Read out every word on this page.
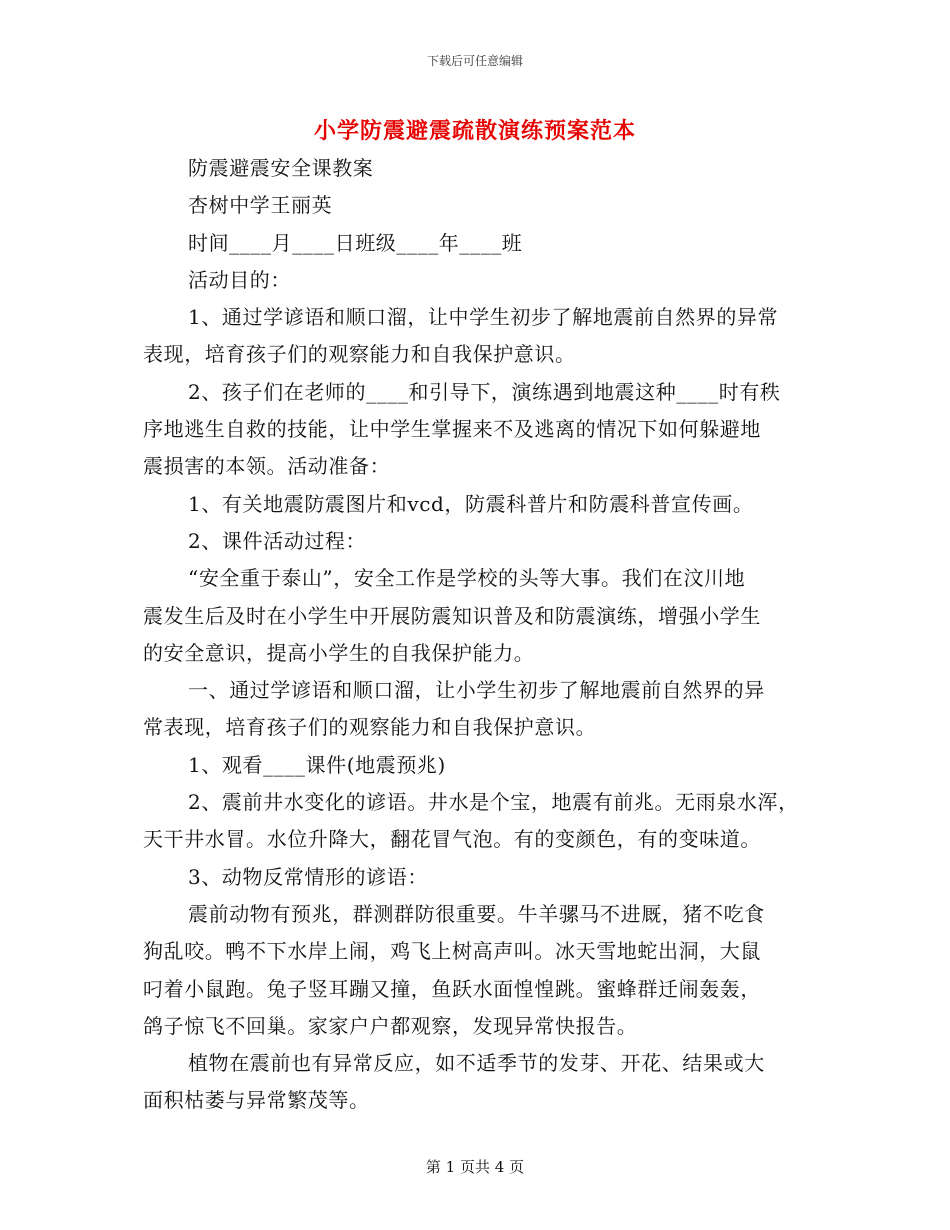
下载后可任意编辑
小学防震避震疏散演练预案范本
防震避震安全课教案
杏树中学王丽英
时间____月____日班级____年____班
活动目的：
1、通过学谚语和顺口溜，让中学生初步了解地震前自然界的异常
表现，培育孩子们的观察能力和自我保护意识。
2、孩子们在老师的____和引导下，演练遇到地震这种____时有秩
序地逃生自救的技能，让中学生掌握来不及逃离的情况下如何躲避地
震损害的本领。活动准备：
1、有关地震防震图片和vcd，防震科普片和防震科普宣传画。
2、课件活动过程：
“安全重于泰山”，安全工作是学校的头等大事。我们在汶川地
震发生后及时在小学生中开展防震知识普及和防震演练，增强小学生
的安全意识，提高小学生的自我保护能力。
一、通过学谚语和顺口溜，让小学生初步了解地震前自然界的异
常表现，培育孩子们的观察能力和自我保护意识。
1、观看____课件(地震预兆)
2、震前井水变化的谚语。井水是个宝，地震有前兆。无雨泉水浑，
天干井水冒。水位升降大，翻花冒气泡。有的变颜色，有的变味道。
3、动物反常情形的谚语：
震前动物有预兆，群测群防很重要。牛羊骡马不进厩，猪不吃食
狗乱咬。鸭不下水岸上闹，鸡飞上树高声叫。冰天雪地蛇出洞，大鼠
叼着小鼠跑。兔子竖耳蹦又撞，鱼跃水面惶惶跳。蜜蜂群迁闹轰轰，
鸽子惊飞不回巢。家家户户都观察，发现异常快报告。
植物在震前也有异常反应，如不适季节的发芽、开花、结果或大
面积枯萎与异常繁茂等。
第 1 页共 4 页
